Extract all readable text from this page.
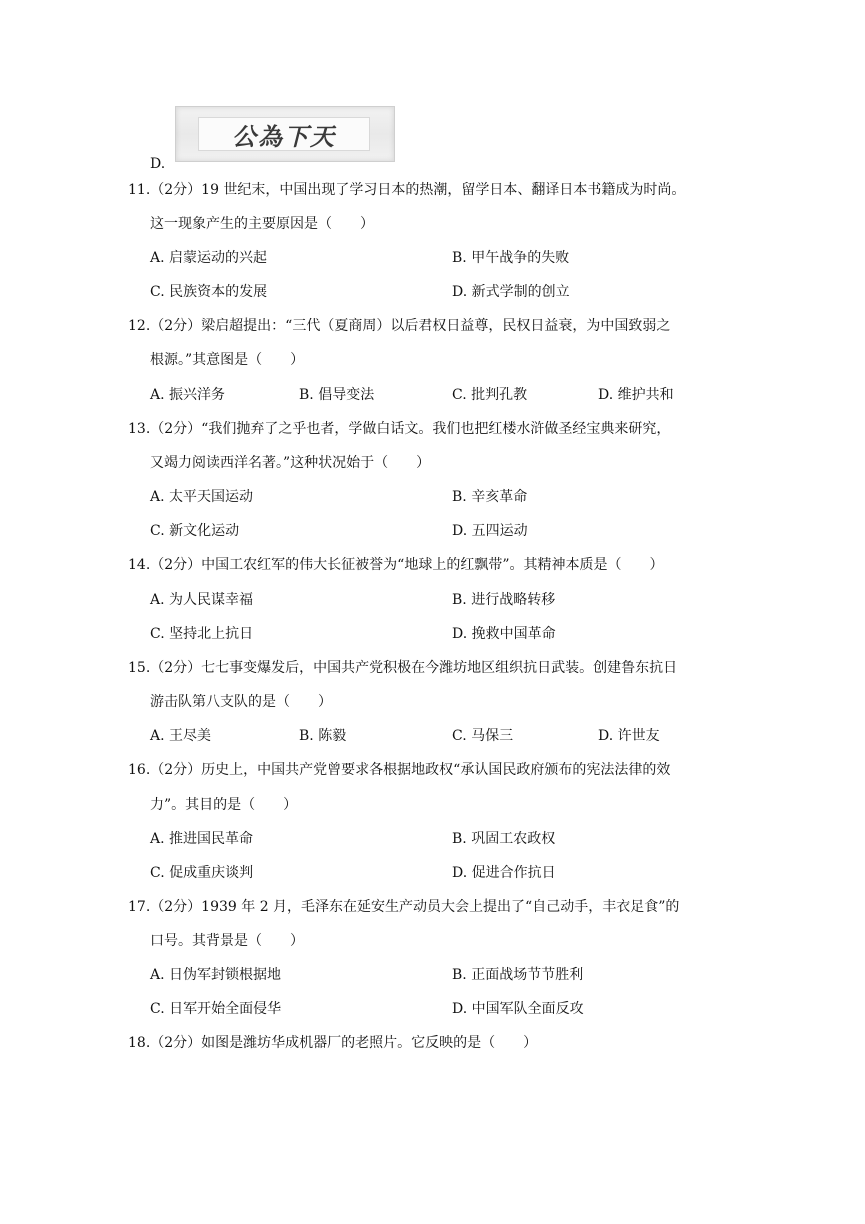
公為下天
D.
11.（2分）19 世纪末，中国出现了学习日本的热潮，留学日本、翻译日本书籍成为时尚。
这一现象产生的主要原因是（　　）
A. 启蒙运动的兴起	B. 甲午战争的失败
C. 民族资本的发展	D. 新式学制的创立
12.（2分）梁启超提出：“三代（夏商周）以后君权日益尊，民权日益衰，为中国致弱之
根源。”其意图是（　　）
A. 振兴洋务	B. 倡导变法	C. 批判孔教	D. 维护共和
13.（2分）“我们抛弃了之乎也者，学做白话文。我们也把红楼水浒做圣经宝典来研究，
又竭力阅读西洋名著。”这种状况始于（　　）
A. 太平天国运动	B. 辛亥革命
C. 新文化运动	D. 五四运动
14.（2分）中国工农红军的伟大长征被誉为“地球上的红飘带”。其精神本质是（　　）
A. 为人民谋幸福	B. 进行战略转移
C. 坚持北上抗日	D. 挽救中国革命
15.（2分）七七事变爆发后，中国共产党积极在今潍坊地区组织抗日武装。创建鲁东抗日
游击队第八支队的是（　　）
A. 王尽美	B. 陈毅	C. 马保三	D. 许世友
16.（2分）历史上，中国共产党曾要求各根据地政权“承认国民政府颁布的宪法法律的效
力”。其目的是（　　）
A. 推进国民革命	B. 巩固工农政权
C. 促成重庆谈判	D. 促进合作抗日
17.（2分）1939 年 2 月，毛泽东在延安生产动员大会上提出了“自己动手，丰衣足食”的
口号。其背景是（　　）
A. 日伪军封锁根据地	B. 正面战场节节胜利
C. 日军开始全面侵华	D. 中国军队全面反攻
18.（2分）如图是潍坊华成机器厂的老照片。它反映的是（　　）
